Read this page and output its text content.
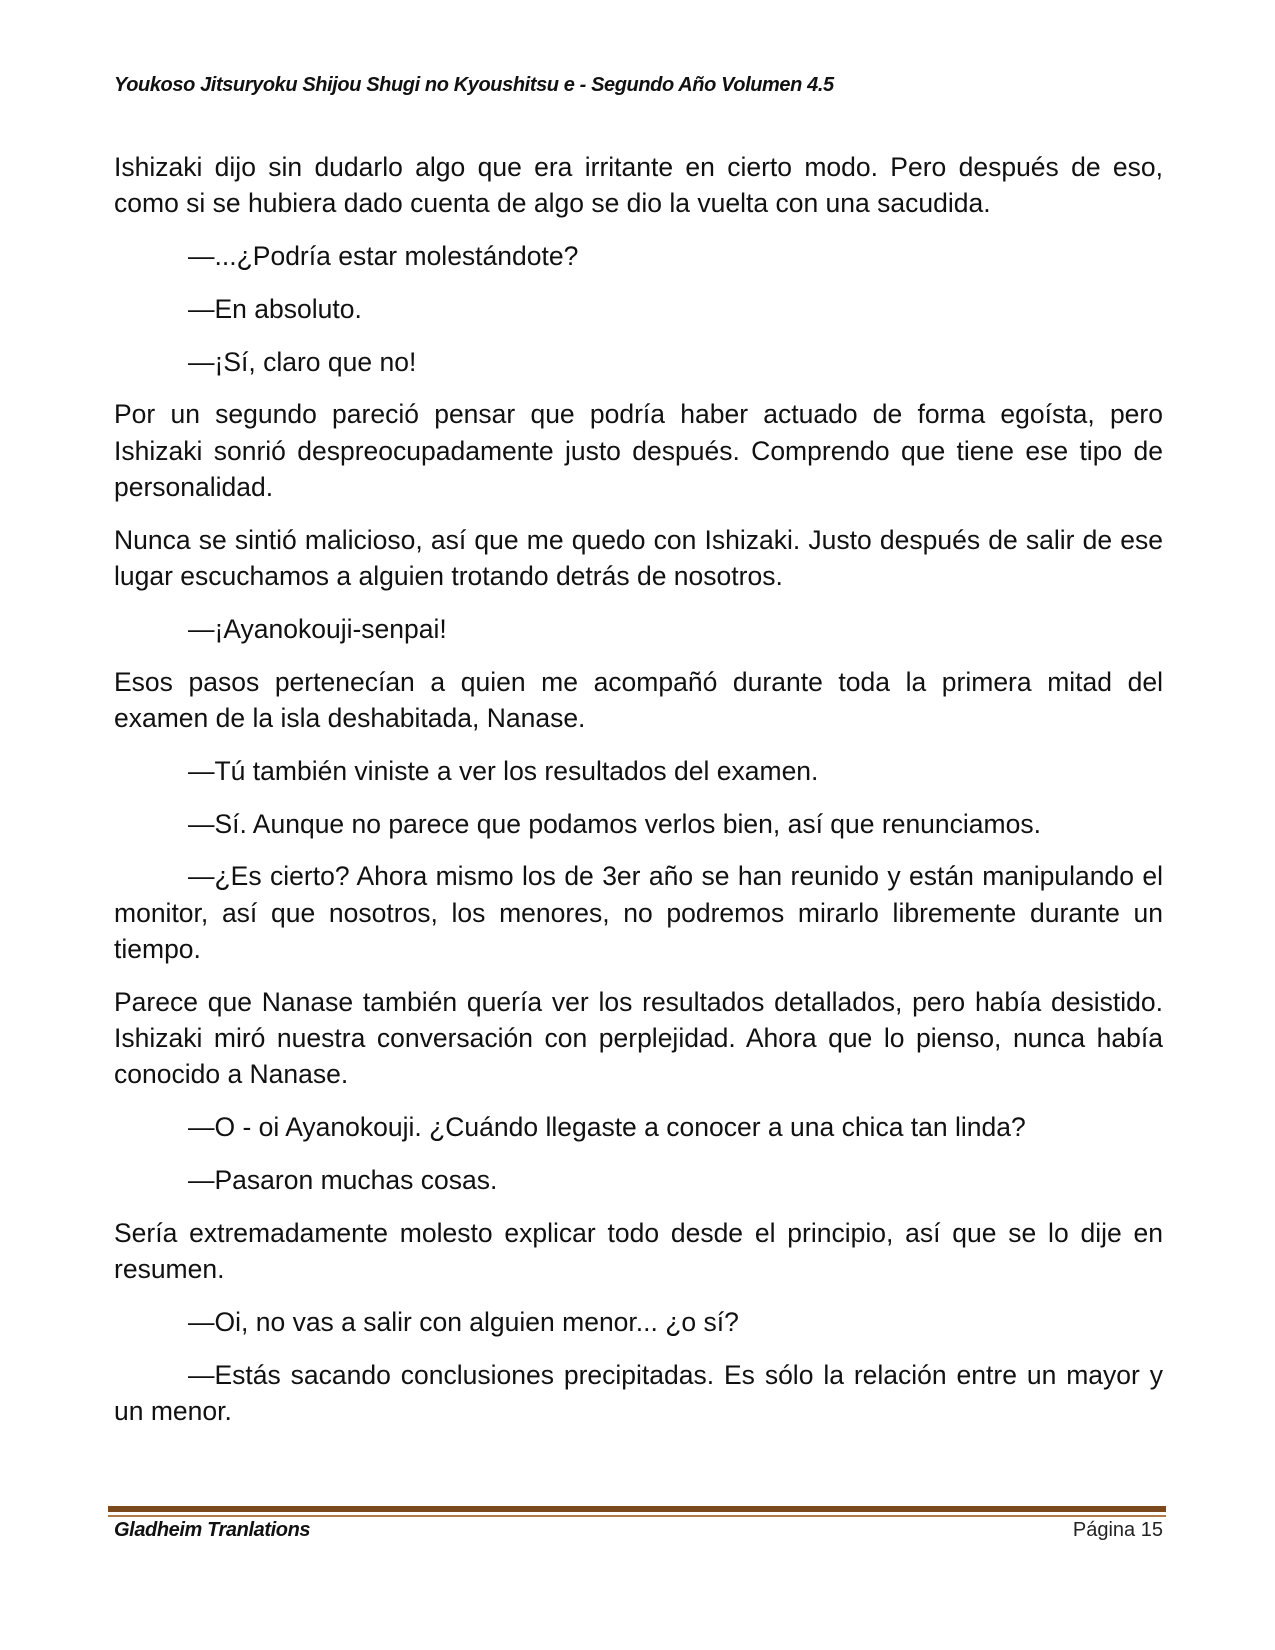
Youkoso Jitsuryoku Shijou Shugi no Kyoushitsu e - Segundo Año Volumen 4.5

Ishizaki dijo sin dudarlo algo que era irritante en cierto modo. Pero después de eso, como si se hubiera dado cuenta de algo se dio la vuelta con una sacudida.

—...¿Podría estar molestándote?

—En absoluto.

—¡Sí, claro que no!

Por un segundo pareció pensar que podría haber actuado de forma egoísta, pero Ishizaki sonrió despreocupadamente justo después. Comprendo que tiene ese tipo de personalidad.

Nunca se sintió malicioso, así que me quedo con Ishizaki. Justo después de salir de ese lugar escuchamos a alguien trotando detrás de nosotros.

—¡Ayanokouji-senpai!

Esos pasos pertenecían a quien me acompañó durante toda la primera mitad del examen de la isla deshabitada, Nanase.

—Tú también viniste a ver los resultados del examen.

—Sí. Aunque no parece que podamos verlos bien, así que renunciamos.

—¿Es cierto? Ahora mismo los de 3er año se han reunido y están manipulando el monitor, así que nosotros, los menores, no podremos mirarlo libremente durante un tiempo.

Parece que Nanase también quería ver los resultados detallados, pero había desistido. Ishizaki miró nuestra conversación con perplejidad. Ahora que lo pienso, nunca había conocido a Nanase.

—O - oi Ayanokouji. ¿Cuándo llegaste a conocer a una chica tan linda?

—Pasaron muchas cosas.

Sería extremadamente molesto explicar todo desde el principio, así que se lo dije en resumen.

—Oi, no vas a salir con alguien menor... ¿o sí?

—Estás sacando conclusiones precipitadas. Es sólo la relación entre un mayor y un menor.

Gladheim Tranlations	Página 15
